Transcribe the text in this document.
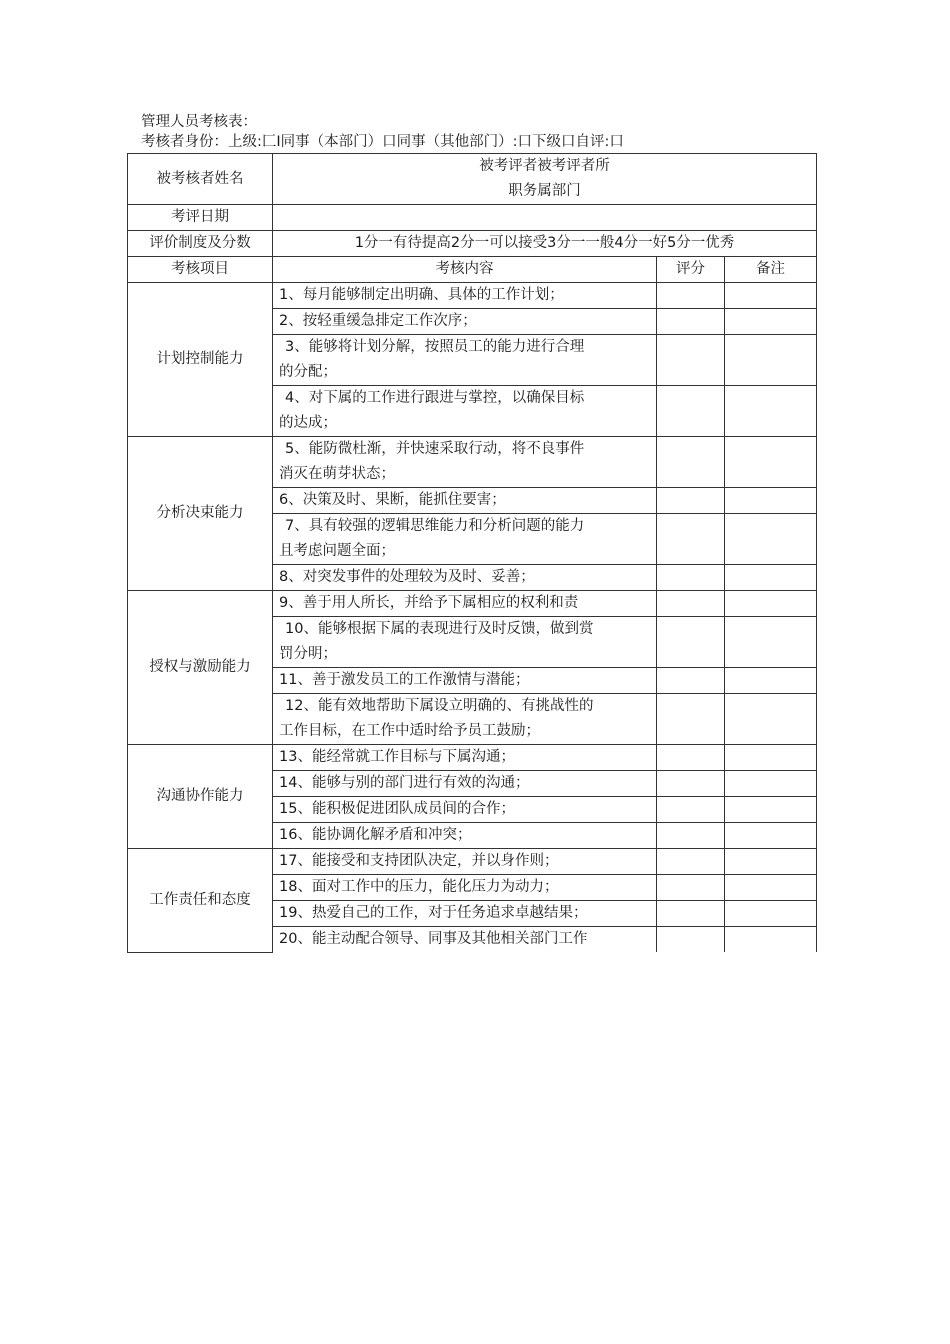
管理人员考核表：
考核者身份：上级:匚I同事（本部门）口同事（其他部门）:口下级口自评:口
被考核者姓名	被考评者被考评者所
职务属部门		

考评日期			
评价制度及分数	1分一有待提高2分一可以接受3分一一般4分一好5分一优秀		
考核项目	考核内容	评分	备注
计划控制能力	1、每月能够制定出明确、具体的工作计划；		

	2、按轻重缓急排定工作次序；		

	3、能够将计划分解，按照员工的能力进行合理
的分配；		

	4、对下属的工作进行跟进与掌控，以确保目标
的达成；		

分析决束能力	5、能防微杜渐，并快速采取行动，将不良事件
消灭在萌芽状态；		

	6、决策及时、果断，能抓住要害；		

	7、具有较强的逻辑思维能力和分析问题的能力
且考虑问题全面；		

	8、对突发事件的处理较为及时、妥善；		

授权与激励能力	9、善于用人所长，并给予下属相应的权利和责		

	10、能够根据下属的表现进行及时反馈，做到赏
罚分明；		

	11、善于激发员工的工作激情与潜能；		

	12、能有效地帮助下属设立明确的、有挑战性的
工作目标，在工作中适时给予员工鼓励；		

沟通协作能力	13、能经常就工作目标与下属沟通；		

	14、能够与别的部门进行有效的沟通；		

	15、能积极促进团队成员间的合作；		

	16、能协调化解矛盾和冲突；		

工作责任和态度	17、能接受和支持团队决定，并以身作则；		

	18、面对工作中的压力，能化压力为动力；		

	19、热爱自己的工作，对于任务追求卓越结果；		

	20、能主动配合领导、同事及其他相关部门工作		
